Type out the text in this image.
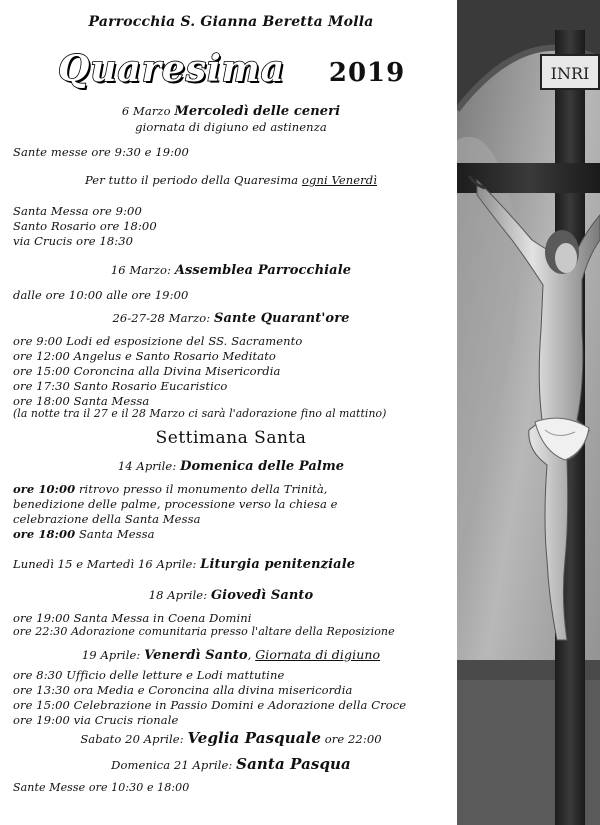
Parrocchia S. Gianna Beretta Molla
Quaresima 2019
6 Marzo Mercoledì delle ceneri
giornata di digiuno ed astinenza
Sante messe ore 9:30 e 19:00
Per tutto il periodo della Quaresima ogni Venerdì
Santa Messa ore 9:00
Santo Rosario ore 18:00
via Crucis ore 18:30
16 Marzo: Assemblea Parrocchiale
dalle ore 10:00 alle ore 19:00
26-27-28 Marzo: Sante Quarant'ore
ore 9:00 Lodi ed esposizione del SS. Sacramento
ore 12:00 Angelus e Santo Rosario Meditato
ore 15:00 Coroncina alla Divina Misericordia
ore 17:30 Santo Rosario Eucaristico
ore 18:00 Santa Messa
(la notte tra il 27 e il 28 Marzo ci sarà l'adorazione fino al mattino)
Settimana Santa
14 Aprile: Domenica delle Palme
ore 10:00 ritrovo presso il monumento della Trinità,
benedizione delle palme, processione verso la chiesa e
celebrazione della Santa Messa
ore 18:00 Santa Messa
Lunedì 15 e Martedì 16 Aprile: Liturgia penitenziale
18 Aprile: Giovedì Santo
ore 19:00 Santa Messa in Coena Domini
ore 22:30 Adorazione comunitaria presso l'altare della Reposizione
19 Aprile: Venerdì Santo, Giornata di digiuno
ore 8:30 Ufficio delle letture e Lodi mattutine
ore 13:30 ora Media e Coroncina alla divina misericordia
ore 15:00 Celebrazione in Passio Domini e Adorazione della Croce
ore 19:00 via Crucis rionale
Sabato 20 Aprile: Veglia Pasquale ore 22:00
Domenica 21 Aprile: Santa Pasqua
Sante Messe ore 10:30 e 18:00
INRI
